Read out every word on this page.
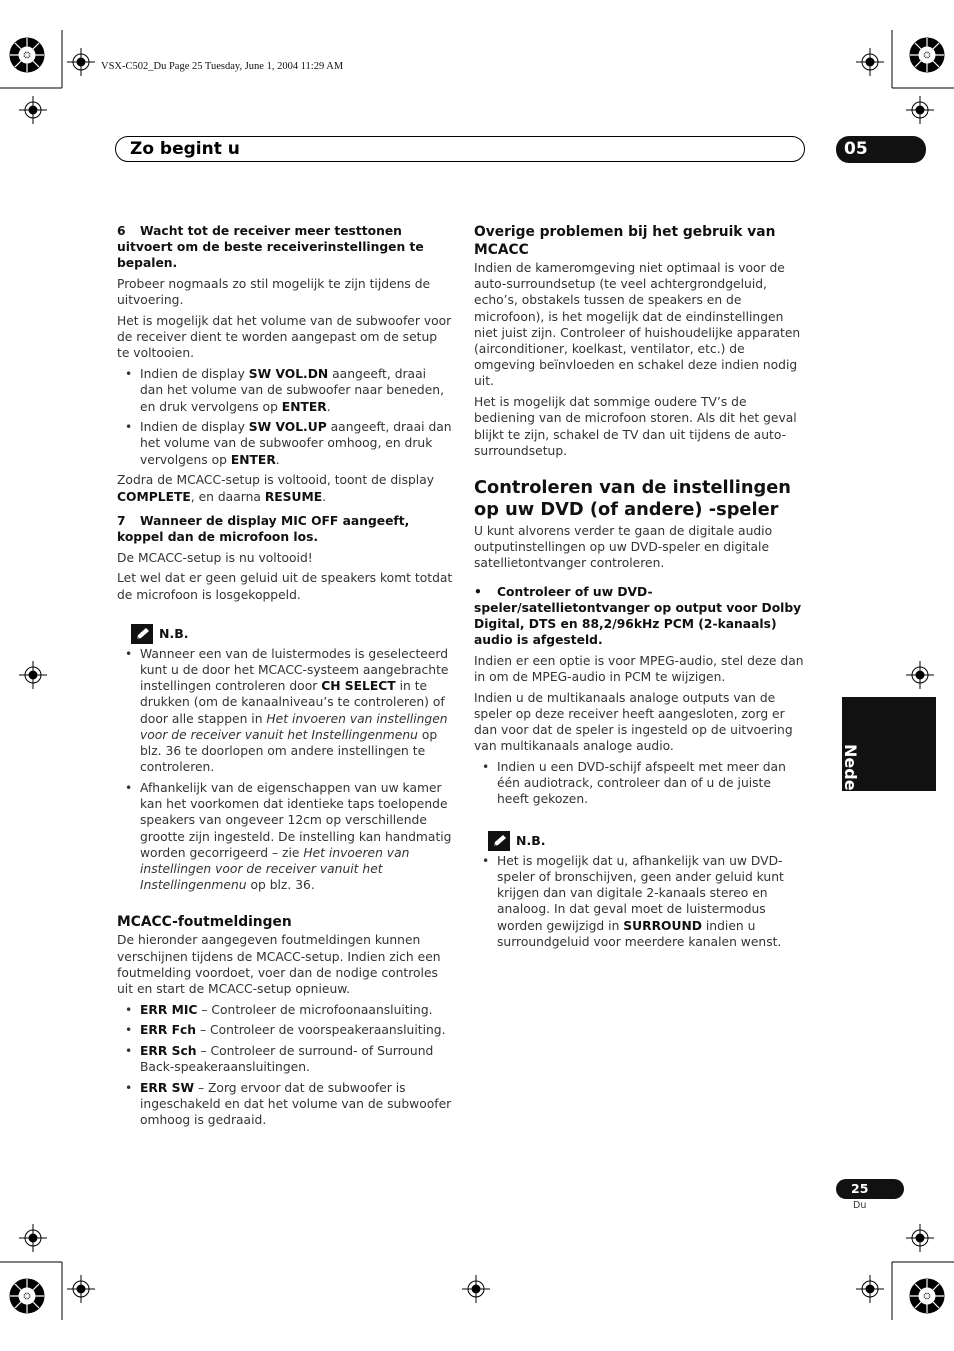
VSX-C502_Du Page 25 Tuesday, June 1, 2004 11:29 AM
Zo begint u	05
Nederlands

6 Wacht tot de receiver meer testtonen uitvoert om de beste receiverinstellingen te bepalen.

Probeer nogmaals zo stil mogelijk te zijn tijdens de uitvoering.

Het is mogelijk dat het volume van de subwoofer voor de receiver dient te worden aangepast om de setup te voltooien.

• Indien de display SW VOL.DN aangeeft, draai dan het volume van de subwoofer naar beneden, en druk vervolgens op ENTER.
• Indien de display SW VOL.UP aangeeft, draai dan het volume van de subwoofer omhoog, en druk vervolgens op ENTER.

Zodra de MCACC-setup is voltooid, toont de display COMPLETE, en daarna RESUME.

7 Wanneer de display MIC OFF aangeeft, koppel dan de microfoon los.

De MCACC-setup is nu voltooid!

Let wel dat er geen geluid uit de speakers komt totdat de microfoon is losgekoppeld.

N.B.
• Wanneer een van de luistermodes is geselecteerd kunt u de door het MCACC-systeem aangebrachte instellingen controleren door CH SELECT in te drukken (om de kanaalniveau’s te controleren) of door alle stappen in Het invoeren van instellingen voor de receiver vanuit het Instellingenmenu op blz. 36 te doorlopen om andere instellingen te controleren.
• Afhankelijk van de eigenschappen van uw kamer kan het voorkomen dat identieke taps toelopende speakers van ongeveer 12cm op verschillende grootte zijn ingesteld. De instelling kan handmatig worden gecorrigeerd – zie Het invoeren van instellingen voor de receiver vanuit het Instellingenmenu op blz. 36.
MCACC-foutmeldingen

De hieronder aangegeven foutmeldingen kunnen verschijnen tijdens de MCACC-setup. Indien zich een foutmelding voordoet, voer dan de nodige controles uit en start de MCACC-setup opnieuw.

• ERR MIC – Controleer de microfoonaansluiting.
• ERR Fch – Controleer de voorspeakeraansluiting.
• ERR Sch – Controleer de surround- of Surround Back-speakeraansluitingen.
• ERR SW – Zorg ervoor dat de subwoofer is ingeschakeld en dat het volume van de subwoofer omhoog is gedraaid.
Overige problemen bij het gebruik van MCACC

Indien de kameromgeving niet optimaal is voor de auto-surroundsetup (te veel achtergrondgeluid, echo’s, obstakels tussen de speakers en de microfoon), is het mogelijk dat de eindinstellingen niet juist zijn. Controleer of huishoudelijke apparaten (airconditioner, koelkast, ventilator, etc.) de omgeving beïnvloeden en schakel deze indien nodig uit.

Het is mogelijk dat sommige oudere TV’s de bediening van de microfoon storen. Als dit het geval blijkt te zijn, schakel de TV dan uit tijdens de auto-surroundsetup.

Controleren van de instellingen op uw DVD (of andere) -speler

U kunt alvorens verder te gaan de digitale audio outputinstellingen op uw DVD-speler en digitale satellietontvanger controleren.

• Controleer of uw DVD-speler/satellietontvanger op output voor Dolby Digital, DTS en 88,2/96kHz PCM (2-kanaals) audio is afgesteld.

Indien er een optie is voor MPEG-audio, stel deze dan in om de MPEG-audio in PCM te wijzigen.

Indien u de multikanaals analoge outputs van de speler op deze receiver heeft aangesloten, zorg er dan voor dat de speler is ingesteld op de uitvoering van multikanaals analoge audio.

• Indien u een DVD-schijf afspeelt met meer dan één audiotrack, controleer dan of u de juiste heeft gekozen.
N.B.
• Het is mogelijk dat u, afhankelijk van uw DVD-speler of bronschijven, geen ander geluid kunt krijgen dan van digitale 2-kanaals stereo en analoog. In dat geval moet de luistermodus worden gewijzigd in SURROUND indien u surroundgeluid voor meerdere kanalen wenst.
25
Du
